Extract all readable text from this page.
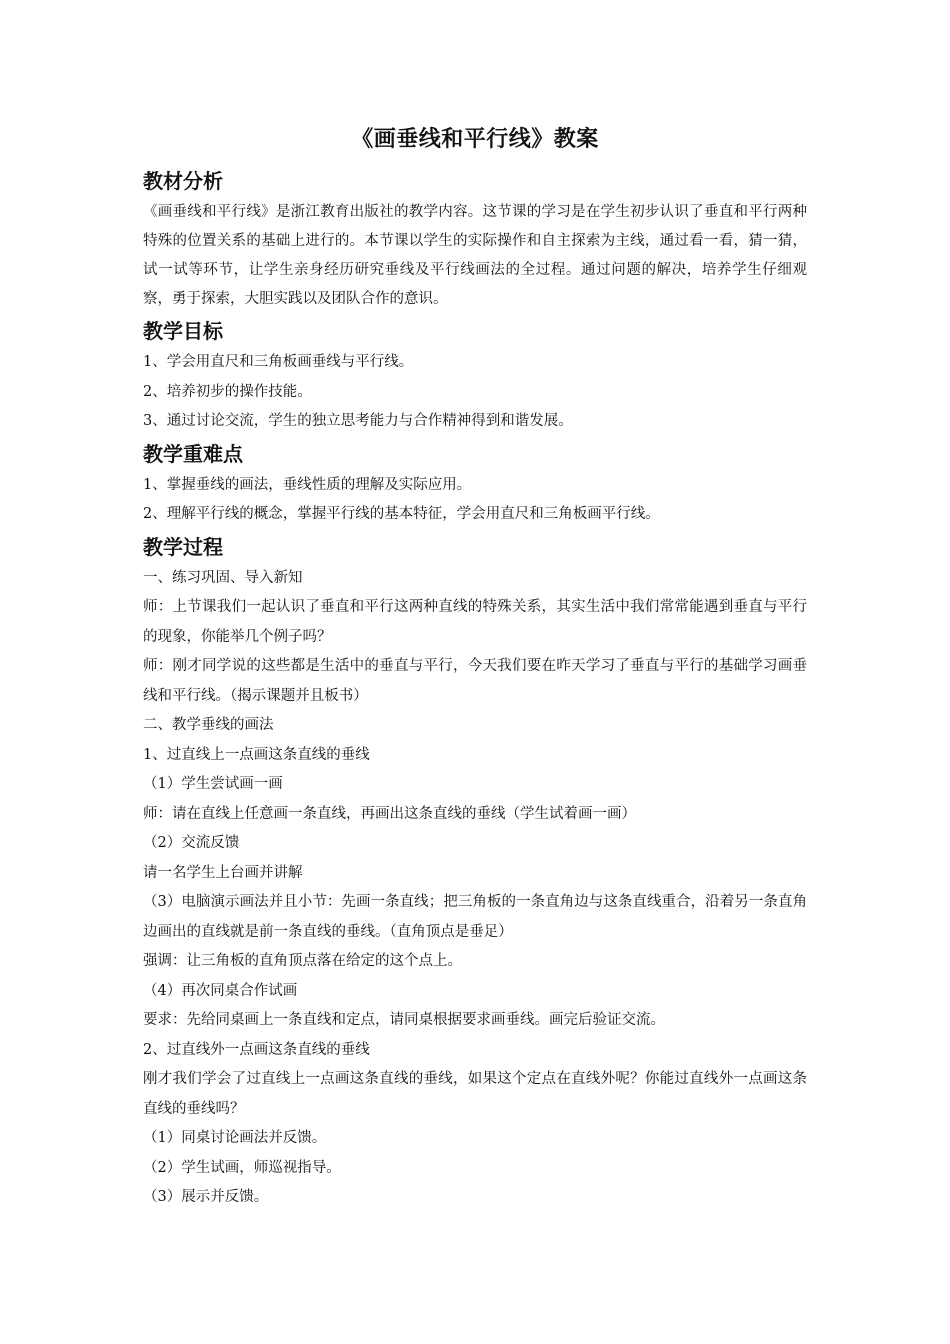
《画垂线和平行线》教案
教材分析

《画垂线和平行线》是浙江教育出版社的教学内容。这节课的学习是在学生初步认识了垂直和平行两种特殊的位置关系的基础上进行的。本节课以学生的实际操作和自主探索为主线，通过看一看，猜一猜，试一试等环节，让学生亲身经历研究垂线及平行线画法的全过程。通过问题的解决，培养学生仔细观察，勇于探索，大胆实践以及团队合作的意识。

教学目标

1、学会用直尺和三角板画垂线与平行线。

2、培养初步的操作技能。

3、通过讨论交流，学生的独立思考能力与合作精神得到和谐发展。

教学重难点

1、掌握垂线的画法，垂线性质的理解及实际应用。

2、理解平行线的概念，掌握平行线的基本特征，学会用直尺和三角板画平行线。

教学过程

一、练习巩固、导入新知

师：上节课我们一起认识了垂直和平行这两种直线的特殊关系，其实生活中我们常常能遇到垂直与平行的现象，你能举几个例子吗？

师：刚才同学说的这些都是生活中的垂直与平行，今天我们要在昨天学习了垂直与平行的基础学习画垂线和平行线。（揭示课题并且板书）

二、教学垂线的画法

1、过直线上一点画这条直线的垂线

（1）学生尝试画一画

师：请在直线上任意画一条直线，再画出这条直线的垂线（学生试着画一画）

（2）交流反馈

请一名学生上台画并讲解

（3）电脑演示画法并且小节：先画一条直线；把三角板的一条直角边与这条直线重合，沿着另一条直角边画出的直线就是前一条直线的垂线。（直角顶点是垂足）

强调：让三角板的直角顶点落在给定的这个点上。

（4）再次同桌合作试画

要求：先给同桌画上一条直线和定点，请同桌根据要求画垂线。画完后验证交流。

2、过直线外一点画这条直线的垂线

刚才我们学会了过直线上一点画这条直线的垂线，如果这个定点在直线外呢？你能过直线外一点画这条直线的垂线吗？

（1）同桌讨论画法并反馈。

（2）学生试画，师巡视指导。

（3）展示并反馈。
